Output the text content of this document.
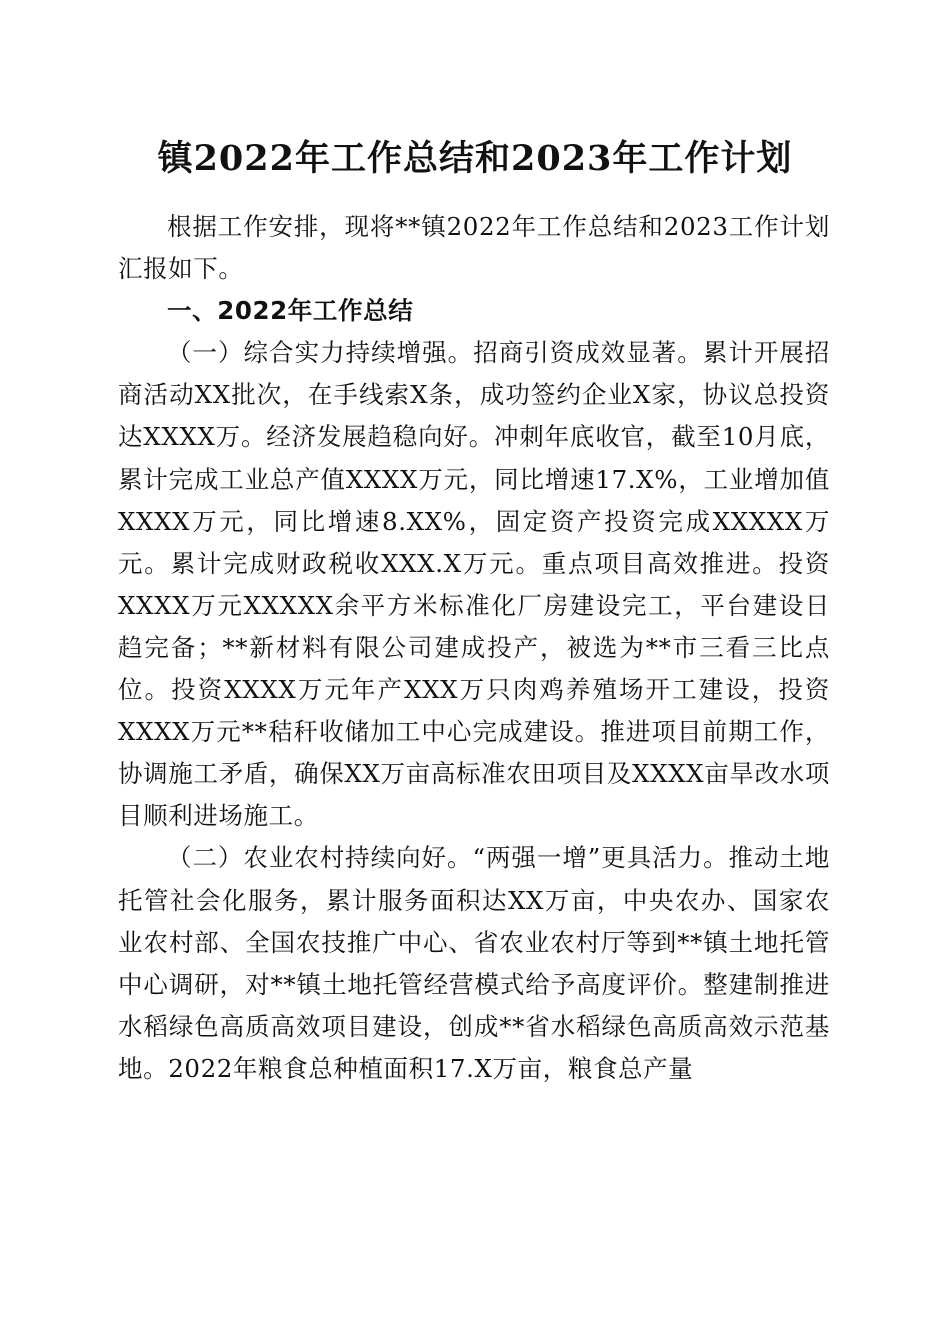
镇2022年工作总结和2023年工作计划

根据工作安排，现将**镇2022年工作总结和2023工作计划汇报如下。

一、2022年工作总结

（一）综合实力持续增强。招商引资成效显著。累计开展招商活动XX批次，在手线索X条，成功签约企业X家，协议总投资达XXXX万。经济发展趋稳向好。冲刺年底收官，截至10月底，累计完成工业总产值XXXX万元，同比增速17.X%，工业增加值XXXX万元，同比增速8.XX%，固定资产投资完成XXXXX万元。累计完成财政税收XXX.X万元。重点项目高效推进。投资XXXX万元XXXXX余平方米标准化厂房建设完工，平台建设日趋完备；**新材料有限公司建成投产，被选为**市三看三比点位。投资XXXX万元年产XXX万只肉鸡养殖场开工建设，投资XXXX万元**秸秆收储加工中心完成建设。推进项目前期工作，协调施工矛盾，确保XX万亩高标准农田项目及XXXX亩旱改水项目顺利进场施工。

（二）农业农村持续向好。“两强一增”更具活力。推动土地托管社会化服务，累计服务面积达XX万亩，中央农办、国家农业农村部、全国农技推广中心、省农业农村厅等到**镇土地托管中心调研，对**镇土地托管经营模式给予高度评价。整建制推进水稻绿色高质高效项目建设，创成**省水稻绿色高质高效示范基地。2022年粮食总种植面积17.X万亩，粮食总产量
